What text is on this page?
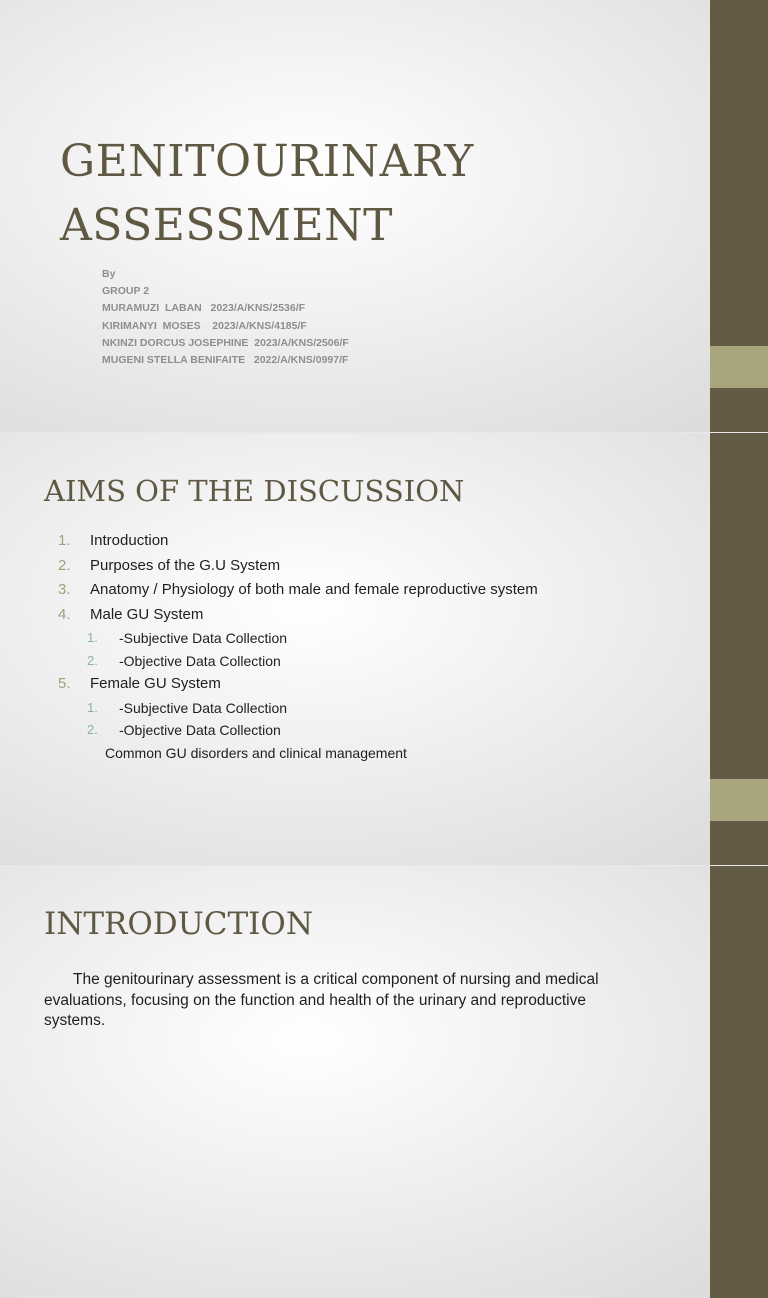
GENITOURINARY
ASSESSMENT
By
GROUP 2
MURAMUZI  LABAN   2023/A/KNS/2536/F
KIRIMANYI  MOSES    2023/A/KNS/4185/F
NKINZI DORCUS JOSEPHINE  2023/A/KNS/2506/F
MUGENI STELLA BENIFAITE   2022/A/KNS/0997/F
AIMS OF THE DISCUSSION
1. Introduction
2. Purposes of the G.U System
3. Anatomy / Physiology of both male and female reproductive system
4. Male GU System
1. -Subjective Data Collection
2. -Objective Data Collection
5. Female GU System
1. -Subjective Data Collection
2. -Objective Data Collection
Common GU disorders and clinical management
INTRODUCTION
The genitourinary assessment is a critical component of nursing and medical evaluations, focusing on the function and health of the urinary and reproductive systems.
